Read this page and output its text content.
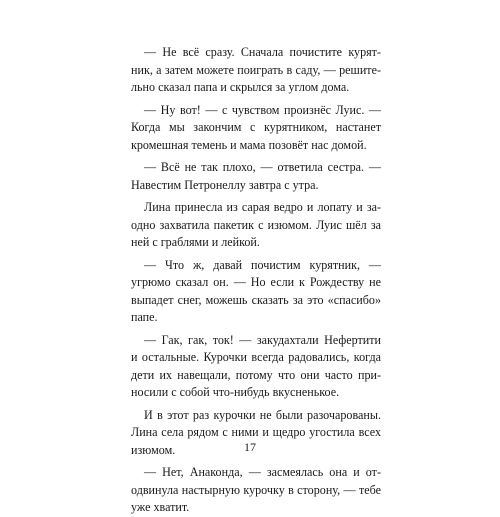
— Не всё сразу. Сначала почистите курят-
ник, а затем можете поиграть в саду, — решите-
льно сказал папа и скрылся за углом дома.
— Ну вот! — с чувством произнёс Луис. —
Когда мы закончим с курятником, настанет
кромешная темень и мама позовёт нас домой.
— Всё не так плохо, — ответила сестра. —
Навестим Петронеллу завтра с утра.
Лина принесла из сарая ведро и лопату и за-
одно захватила пакетик с изюмом. Луис шёл за
ней с граблями и лейкой.
— Что ж, давай почистим курятник, —
угрюмо сказал он. — Но если к Рождеству не
выпадет снег, можешь сказать за это «спасибо»
папе.
— Гак, гак, ток! — закудахтали Нефертити
и остальные. Курочки всегда радовались, когда
дети их навещали, потому что они часто при-
носили с собой что-нибудь вкусненькое.
И в этот раз курочки не были разочарованы.
Лина села рядом с ними и щедро угостила всех
изюмом.
— Нет, Анаконда, — засмеялась она и от-
одвинула настырную курочку в сторону, — тебе
уже хватит.
17
